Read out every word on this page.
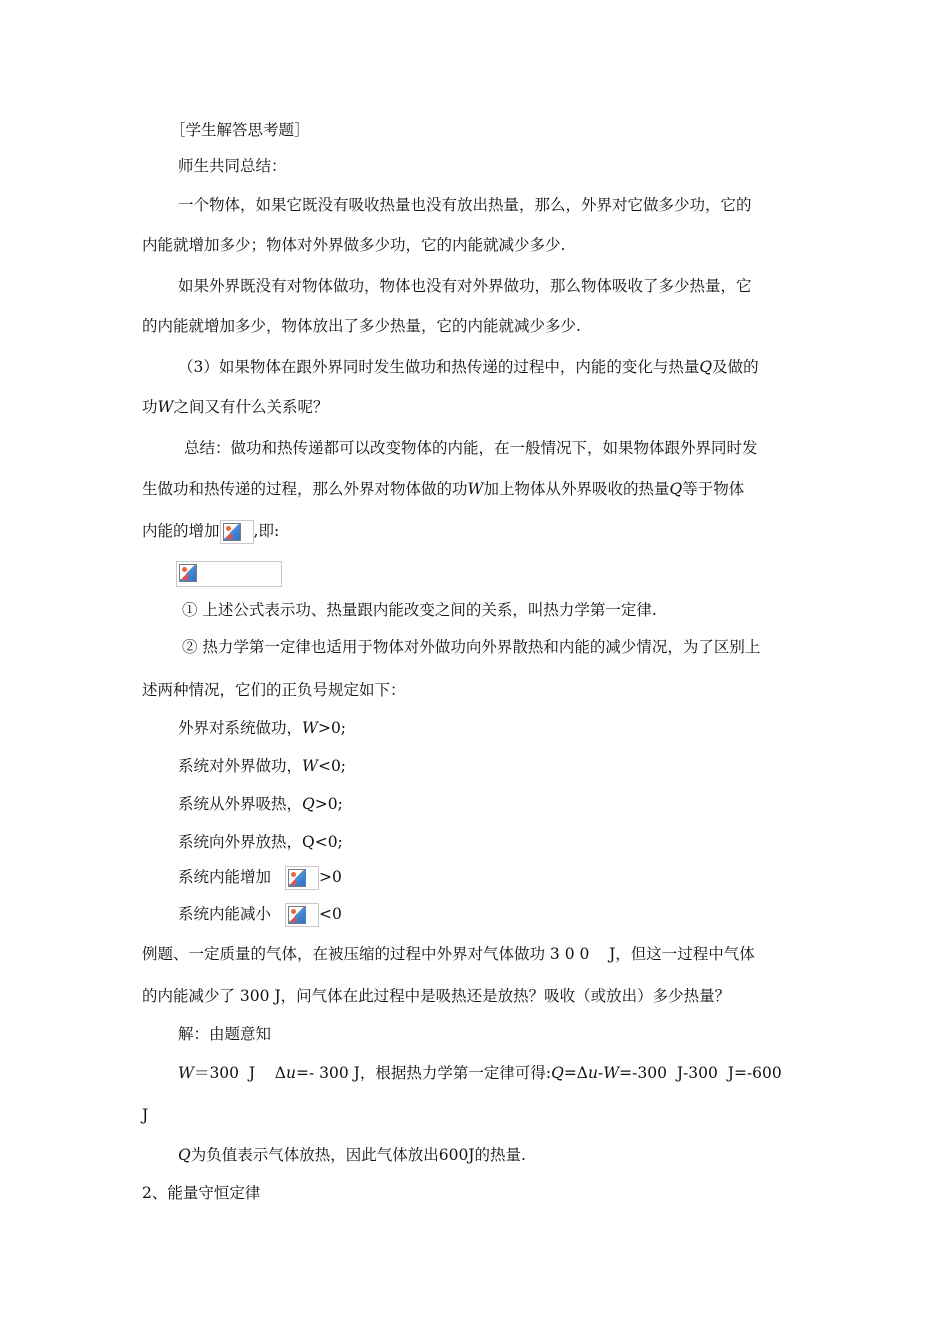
［学生解答思考题］
师生共同总结：
一个物体，如果它既没有吸收热量也没有放出热量，那么，外界对它做多少功，它的
内能就增加多少；物体对外界做多少功，它的内能就减少多少.
如果外界既没有对物体做功，物体也没有对外界做功，那么物体吸收了多少热量，它
的内能就增加多少，物体放出了多少热量，它的内能就减少多少.
（3）如果物体在跟外界同时发生做功和热传递的过程中，内能的变化与热量Q及做的
功W之间又有什么关系呢？
总结：做功和热传递都可以改变物体的内能，在一般情况下，如果物体跟外界同时发
生做功和热传递的过程，那么外界对物体做的功W加上物体从外界吸收的热量Q等于物体
内能的增加 ,即:
① 上述公式表示功、热量跟内能改变之间的关系，叫热力学第一定律.
② 热力学第一定律也适用于物体对外做功向外界散热和内能的减少情况，为了区别上
述两种情况，它们的正负号规定如下：
外界对系统做功，W>0;
系统对外界做功，W<0;
系统从外界吸热，Q>0;
系统向外界放热，Q<0;
系统内能增加	>0
系统内能减小	<0
例题、一定质量的气体，在被压缩的过程中外界对气体做功 3 0 0    J，但这一过程中气体
的内能减少了 300 J，问气体在此过程中是吸热还是放热？吸收（或放出）多少热量？
解：由题意知
W＝300  J    Δu=- 300 J，根据热力学第一定律可得:Q=Δu-W=-300  J-300  J=-600
J
Q为负值表示气体放热，因此气体放出600J的热量.
2、能量守恒定律
